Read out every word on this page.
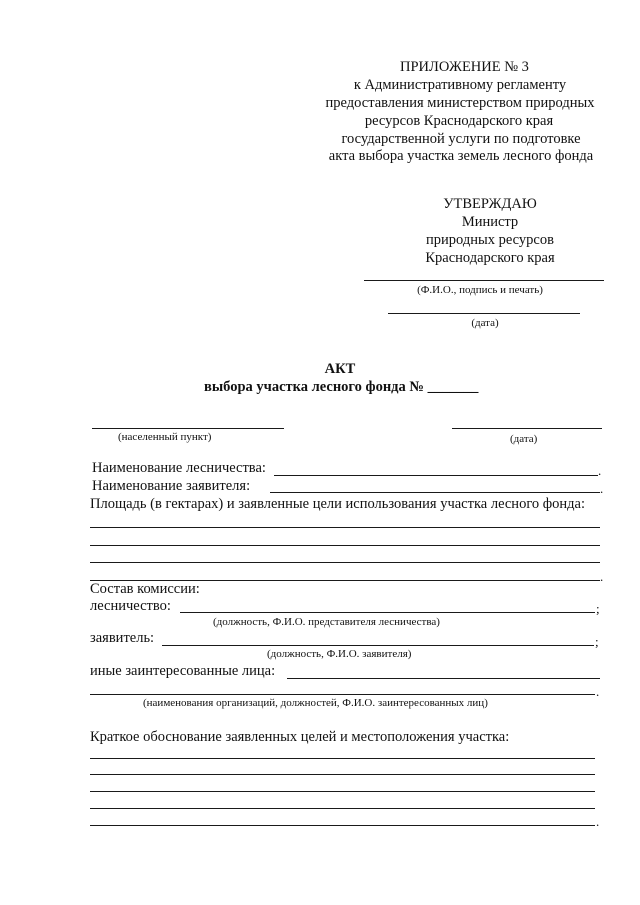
ПРИЛОЖЕНИЕ № 3
к Административному регламенту
предоставления министерством природных
ресурсов Краснодарского края
государственной услуги по подготовке
акта выбора участка земель лесного фонда
УТВЕРЖДАЮ
Министр
природных ресурсов
Краснодарского края
(Ф.И.О., подпись и печать)
(дата)
АКТ
выбора участка лесного фонда № _______
(населенный пункт)	(дата)
Наименование лесничества:	.
Наименование заявителя:	.
Площадь (в гектарах) и заявленные цели использования участка лесного фонда:
.
Состав комиссии:
лесничество:	;
(должность, Ф.И.О. представителя лесничества)
заявитель:	;
(должность, Ф.И.О. заявителя)
иные заинтересованные лица:
.
(наименования организаций, должностей, Ф.И.О. заинтересованных лиц)
Краткое обоснование заявленных целей и местоположения участка:
.
